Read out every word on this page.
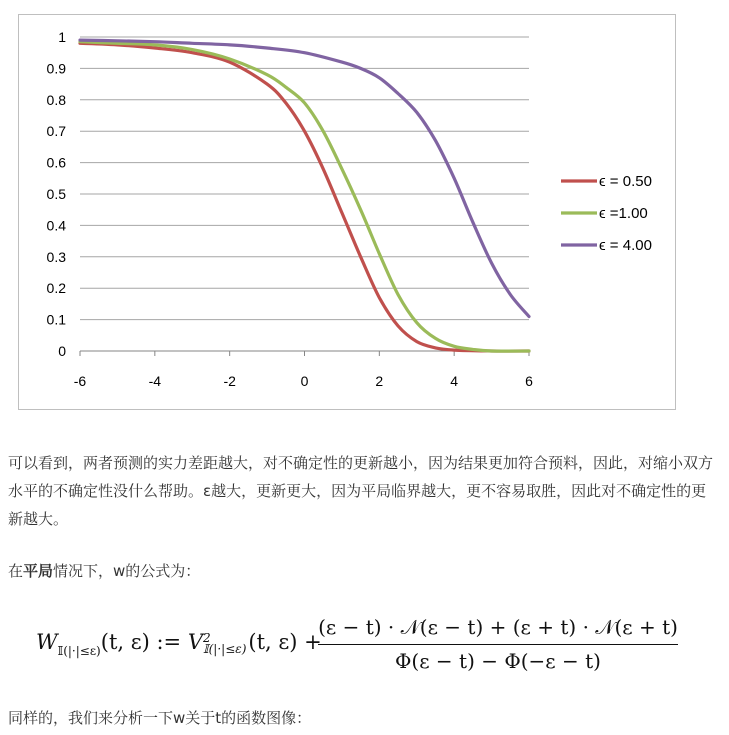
0
0.1
0.2
0.3
0.4
0.5
0.6
0.7
0.8
0.9
1
-6	-4	-2	0	2	4	6
ϵ = 0.50
ϵ =1.00
ϵ = 4.00

可以看到，两者预测的实力差距越大，对不确定性的更新越小，因为结果更加符合预料，因此，对缩小双方水平的不确定性没什么帮助。ε越大，更新更大，因为平局临界越大，更不容易取胜，因此对不确定性的更新越大。

在平局情况下，w的公式为：

$W_{𝕀(|\cdot|\le\varepsilon)}(t$, ε) := V 2
𝕀(|·|≤ε) (t, ε) +
(ε − t) · 𝒩(ε − t) + (ε + t) · 𝒩(ε + t)
Φ(ε − t) − Φ(−ε − t)

同样的，我们来分析一下w关于t的函数图像：
